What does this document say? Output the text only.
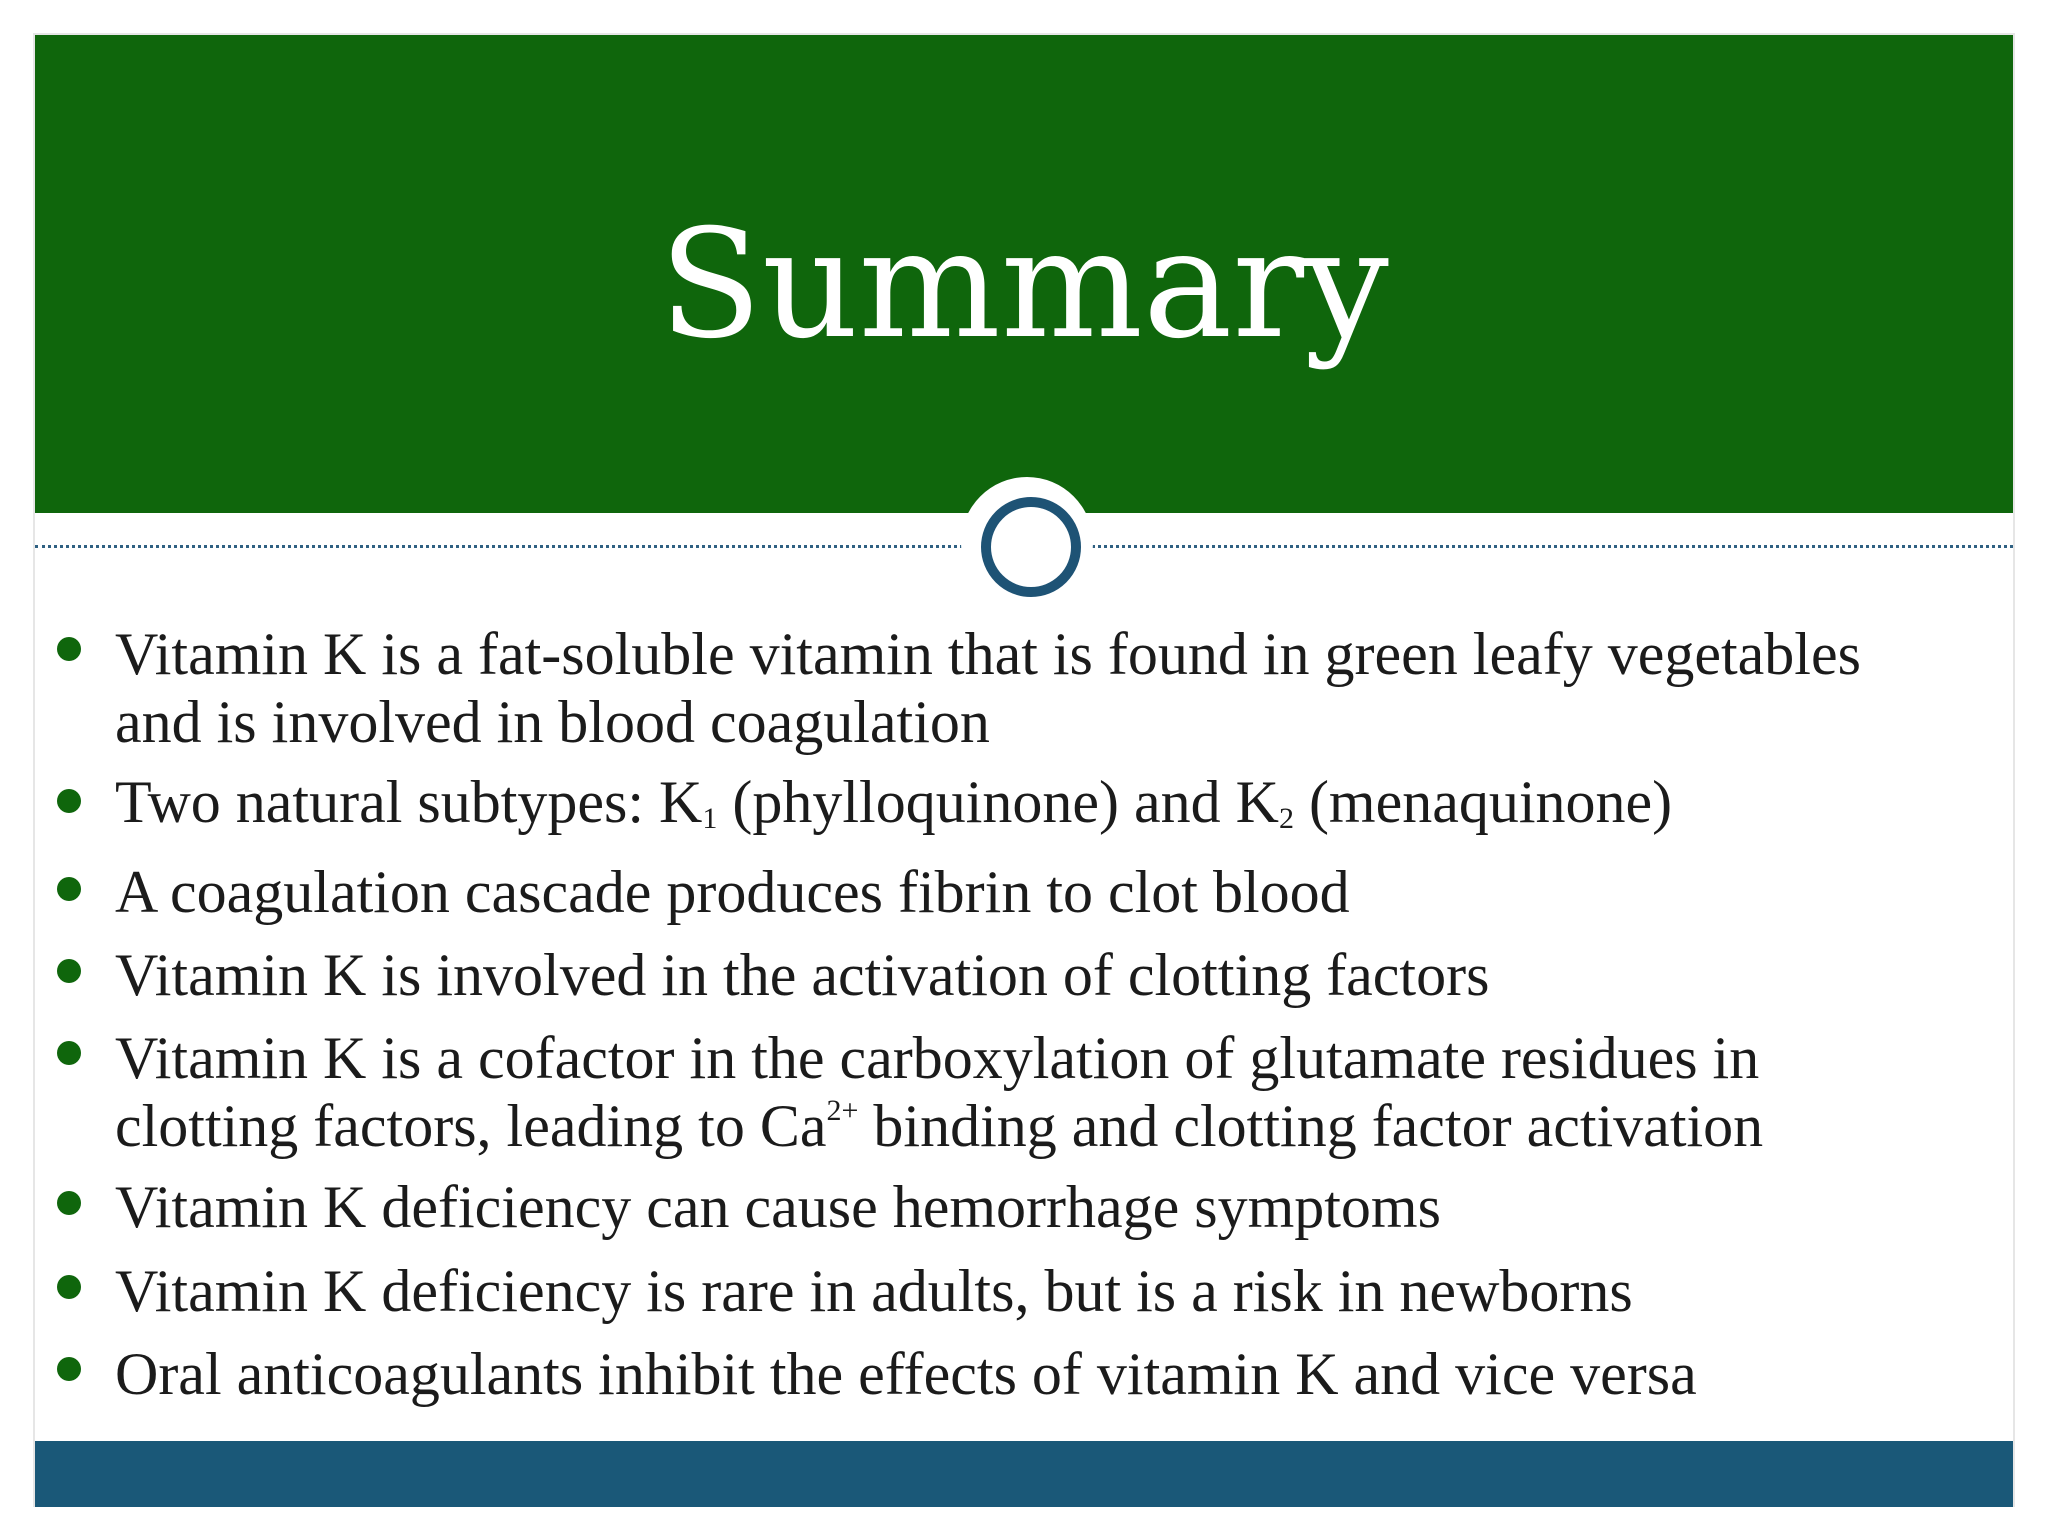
Summary
Vitamin K is a fat-soluble vitamin that is found in green leafy vegetables
and is involved in blood coagulation
Two natural subtypes: $K_1$ (phylloquinone) and $K_2$ (menaquinone)
A coagulation cascade produces fibrin to clot blood
Vitamin K is involved in the activation of clotting factors
Vitamin K is a cofactor in the carboxylation of glutamate residues in
clotting factors, leading to $Ca^{2+}$ binding and clotting factor activation
Vitamin K deficiency can cause hemorrhage symptoms
Vitamin K deficiency is rare in adults, but is a risk in newborns
Oral anticoagulants inhibit the effects of vitamin K and vice versa
